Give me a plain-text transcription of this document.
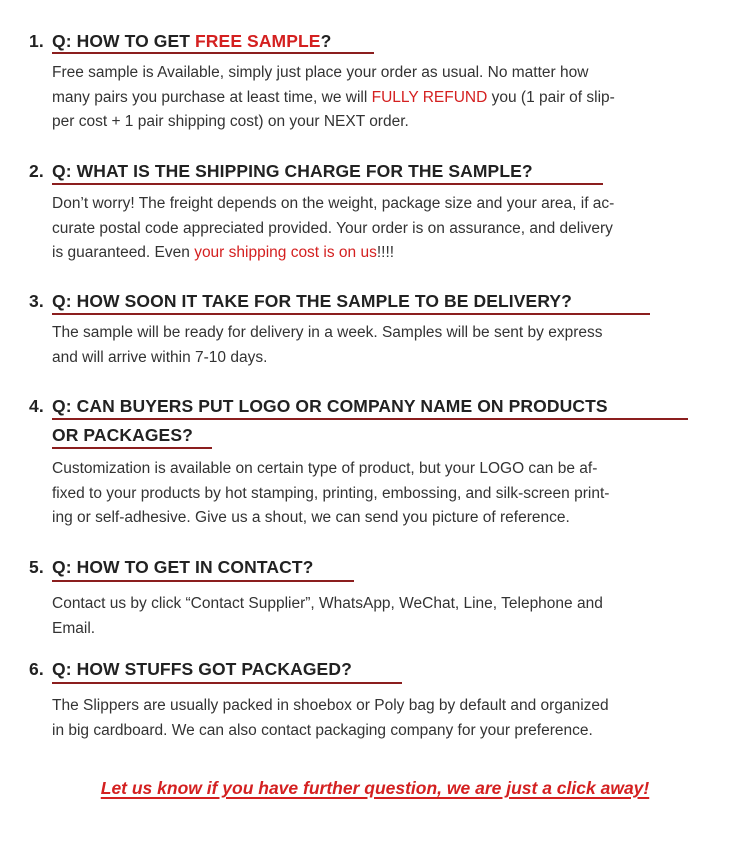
1. Q: HOW TO GET FREE SAMPLE?
Free sample is Available, simply just place your order as usual. No matter how
many pairs you purchase at least time, we will FULLY REFUND you (1 pair of slip-
per cost + 1 pair shipping cost) on your NEXT order.
2. Q: WHAT IS THE SHIPPING CHARGE FOR THE SAMPLE?
Don’t worry! The freight depends on the weight, package size and your area, if ac-
curate postal code appreciated provided. Your order is on assurance, and delivery
is guaranteed. Even your shipping cost is on us!!!!
3. Q: HOW SOON IT TAKE FOR THE SAMPLE TO BE DELIVERY?
The sample will be ready for delivery in a week. Samples will be sent by express
and will arrive within 7-10 days.
4. Q: CAN BUYERS PUT LOGO OR COMPANY NAME ON PRODUCTS
OR PACKAGES?
Customization is available on certain type of product, but your LOGO can be af-
fixed to your products by hot stamping, printing, embossing, and silk-screen print-
ing or self-adhesive. Give us a shout, we can send you picture of reference.
5. Q: HOW TO GET IN CONTACT?
Contact us by click “Contact Supplier”, WhatsApp, WeChat, Line, Telephone and
Email.
6. Q: HOW STUFFS GOT PACKAGED?
The Slippers are usually packed in shoebox or Poly bag by default and organized
in big cardboard. We can also contact packaging company for your preference.
Let us know if you have further question, we are just a click away!
